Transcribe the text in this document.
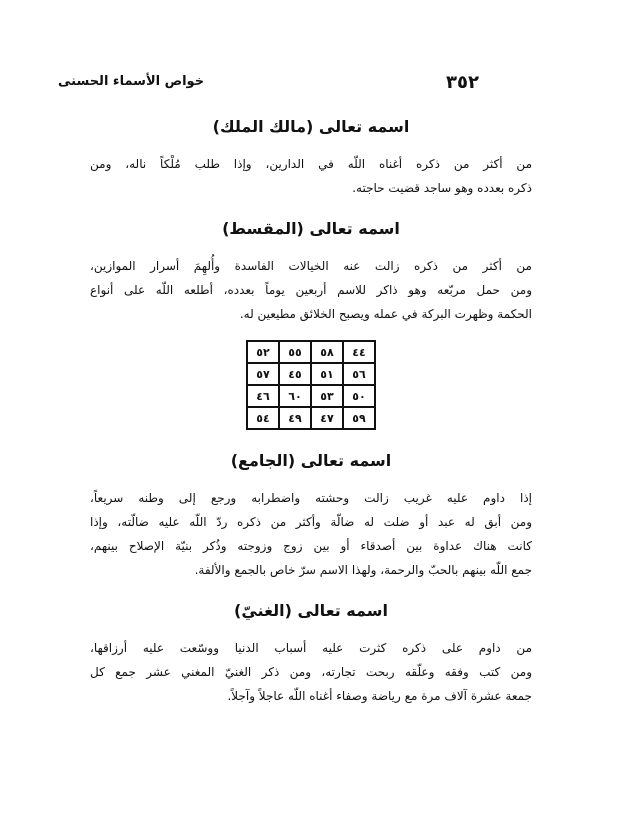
٣٥٢
خواص الأسماء الحسنى
اسمه تعالى (مالك الملك)
من أكثر من ذكره أغناه اللّه في الدارين، وإذا طلب مُلْكاً ناله، ومن
ذكره بعدده وهو ساجد قضيت حاجته.
اسمه تعالى (المقسط)
من أكثر من ذكره زالت عنه الخيالات الفاسدة وأُلهِمَ أسرار الموازين،
ومن حمل مربّعه وهو ذاكر للاسم أربعين يوماً بعدده، أطلعه اللّه على أنواع
الحكمة وظهرت البركة في عمله ويصبح الخلائق مطيعين له.
٤٤	٥٨	٥٥	٥٢
٥٦	٥١	٤٥	٥٧
٥٠	٥٣	٦٠	٤٦
٥٩	٤٧	٤٩	٥٤
اسمه تعالى (الجامع)
إذا داوم عليه غريب زالت وحشته واضطرابه ورجع إلى وطنه سريعاً،
ومن أبق له عبد أو ضلت له ضالّة وأكثر من ذكره ردّ اللّه عليه ضالّته، وإذا
كانت هناك عداوة بين أصدقاء أو بين زوج وزوجته وذُكر بنيّة الإصلاح بينهم،
جمع اللّه بينهم بالحبّ والرحمة، ولهذا الاسم سرّ خاص بالجمع والألفة.
اسمه تعالى (الغنيّ)
من داوم على ذكره كثرت عليه أسباب الدنيا ووسّعت عليه أرزاقها،
ومن كتب وفقه وعلّقه ربحت تجارته، ومن ذكر الغنيّ المغني عشر جمع كل
جمعة عشرة آلاف مرة مع رياضة وصفاء أغناه اللّه عاجلاً وآجلاً.
